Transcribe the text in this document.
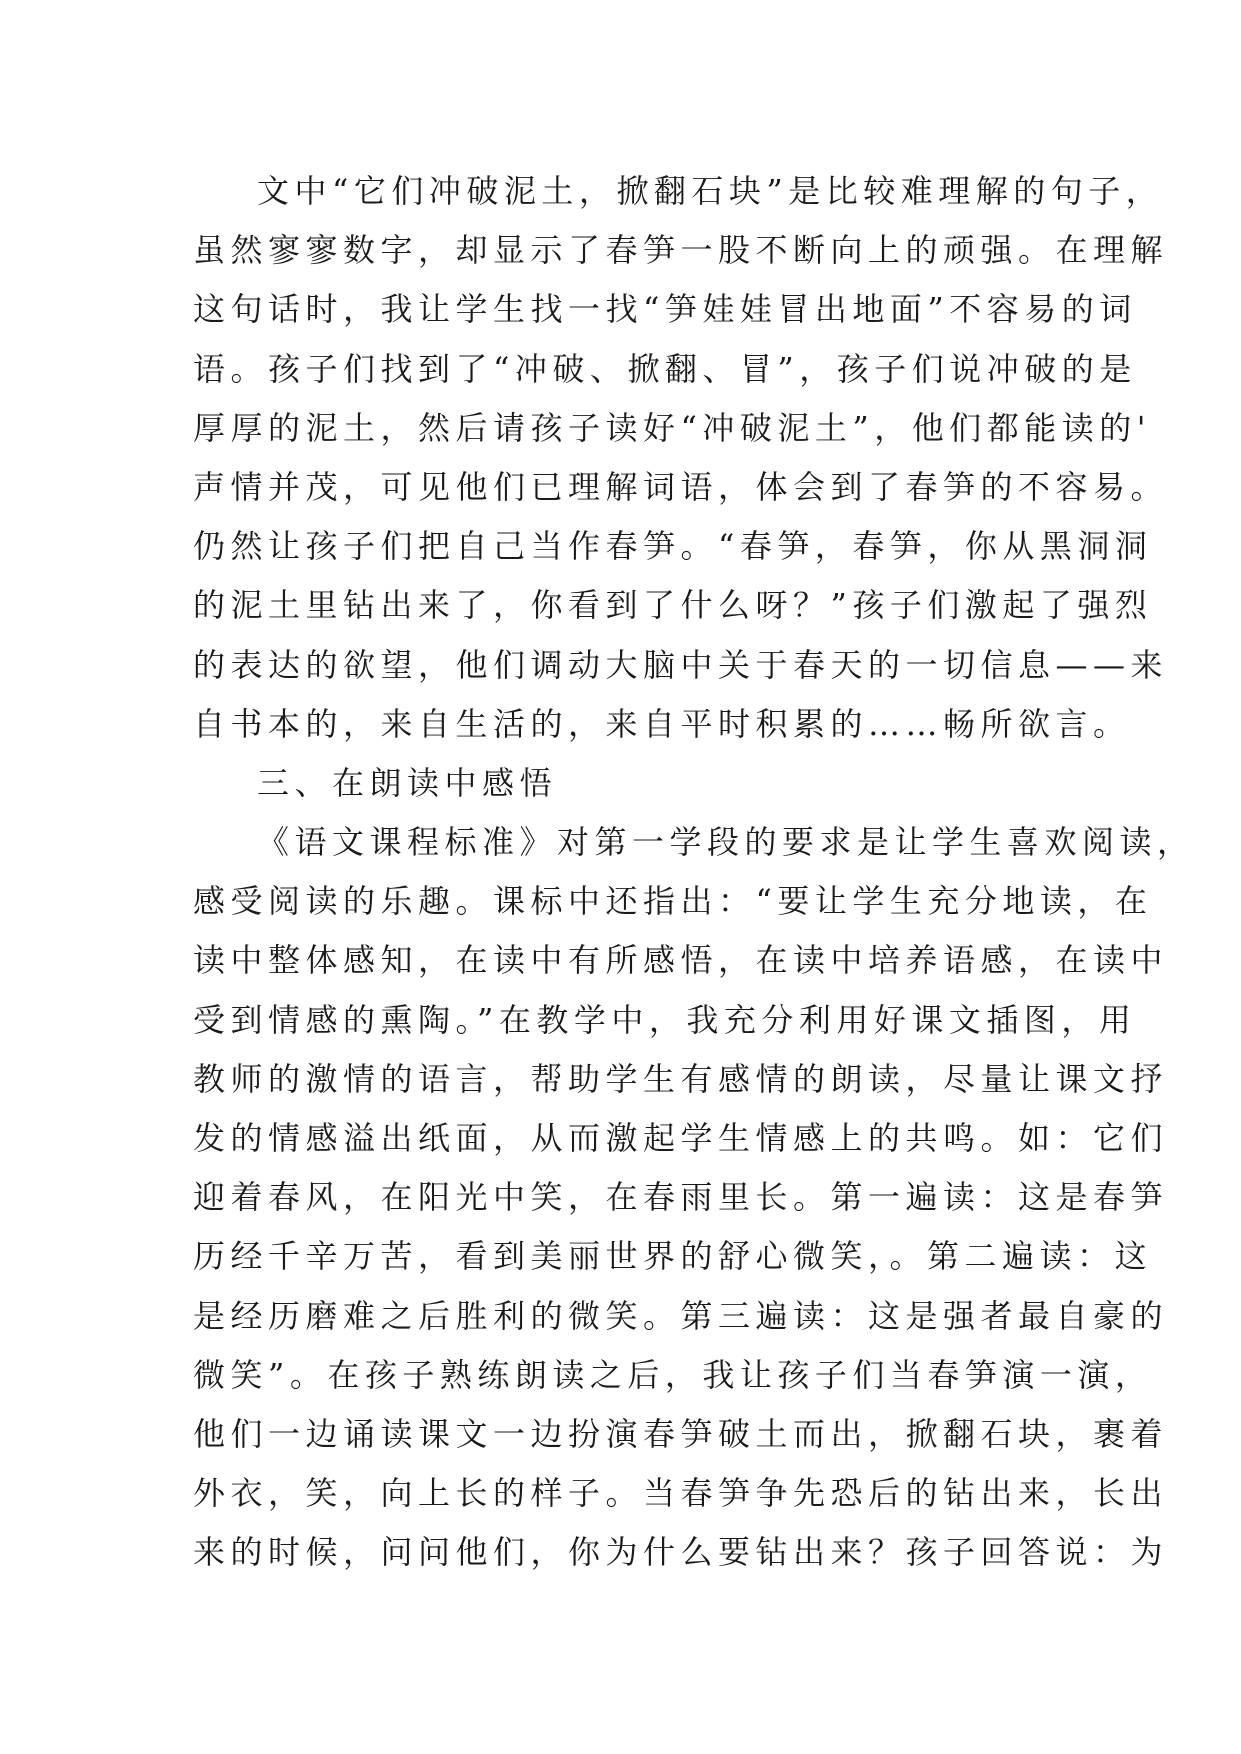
文中“它们冲破泥土，掀翻石块”是比较难理解的句子，
虽然寥寥数字，却显示了春笋一股不断向上的顽强。在理解
这句话时，我让学生找一找“笋娃娃冒出地面”不容易的词
语。孩子们找到了“冲破、掀翻、冒”，孩子们说冲破的是
厚厚的泥土，然后请孩子读好“冲破泥土”，他们都能读的'
声情并茂，可见他们已理解词语，体会到了春笋的不容易。
仍然让孩子们把自己当作春笋。“春笋，春笋，你从黑洞洞
的泥土里钻出来了，你看到了什么呀？”孩子们激起了强烈
的表达的欲望，他们调动大脑中关于春天的一切信息——来
自书本的，来自生活的，来自平时积累的……畅所欲言。
三、在朗读中感悟
《语文课程标准》对第一学段的要求是让学生喜欢阅读，
感受阅读的乐趣。课标中还指出：“要让学生充分地读，在
读中整体感知，在读中有所感悟，在读中培养语感，在读中
受到情感的熏陶。”在教学中，我充分利用好课文插图，用
教师的激情的语言，帮助学生有感情的朗读，尽量让课文抒
发的情感溢出纸面，从而激起学生情感上的共鸣。如：它们
迎着春风，在阳光中笑，在春雨里长。第一遍读：这是春笋
历经千辛万苦，看到美丽世界的舒心微笑，。第二遍读：这
是经历磨难之后胜利的微笑。第三遍读：这是强者最自豪的
微笑”。在孩子熟练朗读之后，我让孩子们当春笋演一演，
他们一边诵读课文一边扮演春笋破土而出，掀翻石块，裹着
外衣，笑，向上长的样子。当春笋争先恐后的钻出来，长出
来的时候，问问他们，你为什么要钻出来？孩子回答说：为
